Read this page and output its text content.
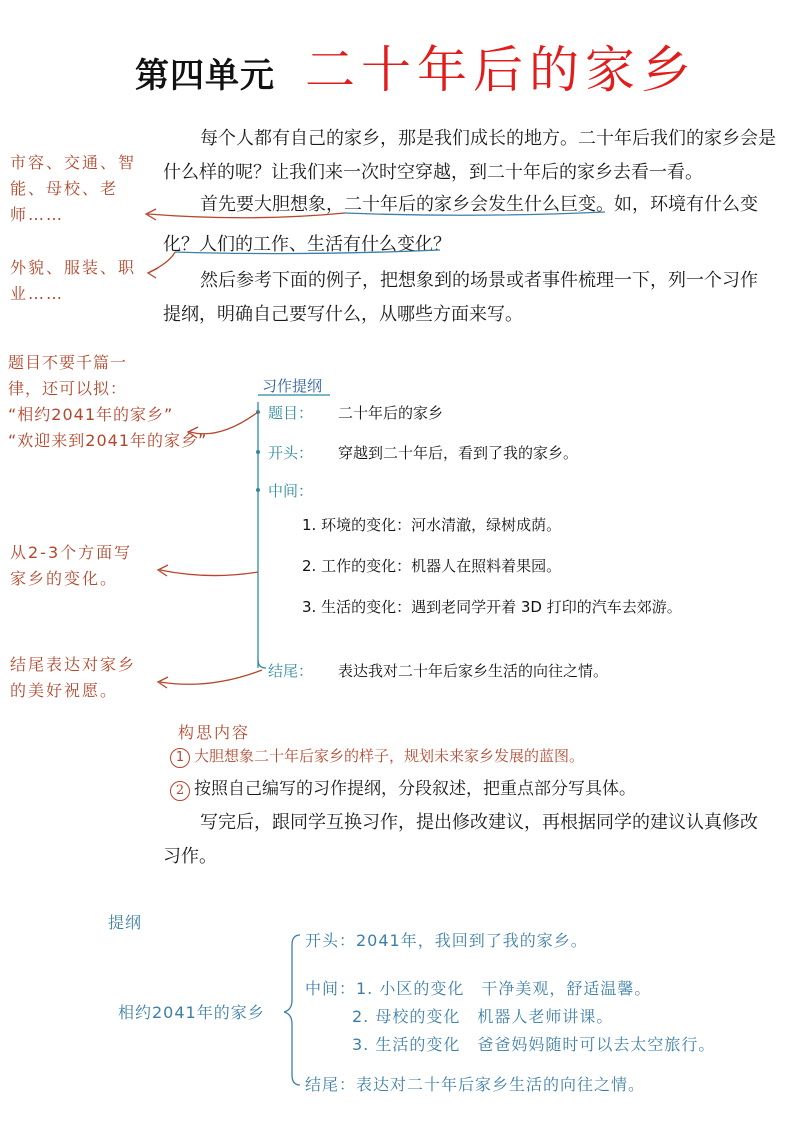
第四单元 二十年后的家乡
每个人都有自己的家乡，那是我们成长的地方。二十年后我们的家乡会是
什么样的呢？让我们来一次时空穿越，到二十年后的家乡去看一看。
首先要大胆想象，二十年后的家乡会发生什么巨变。如，环境有什么变
化？人们的工作、生活有什么变化？
然后参考下面的例子，把想象到的场景或者事件梳理一下，列一个习作
提纲，明确自己要写什么，从哪些方面来写。
市容、交通、智
能、母校、老
师……
外貌、服装、职
业……
题目不要千篇一
律，还可以拟：
“相约2041年的家乡”
“欢迎来到2041年的家乡”
从2-3个方面写
家乡的变化。
结尾表达对家乡
的美好祝愿。
习作提纲
题目： 二十年后的家乡
开头： 穿越到二十年后，看到了我的家乡。
中间：
1. 环境的变化：河水清澈，绿树成荫。
2. 工作的变化：机器人在照料着果园。
3. 生活的变化：遇到老同学开着 3D 打印的汽车去郊游。
结尾： 表达我对二十年后家乡生活的向往之情。
构思内容
1 大胆想象二十年后家乡的样子，规划未来家乡发展的蓝图。
2 按照自己编写的习作提纲，分段叙述，把重点部分写具体。
写完后，跟同学互换习作，提出修改建议，再根据同学的建议认真修改
习作。
提纲
相约2041年的家乡
开头：2041年，我回到了我的家乡。
中间：1. 小区的变化　干净美观，舒适温馨。
2. 母校的变化　机器人老师讲课。
3. 生活的变化　爸爸妈妈随时可以去太空旅行。
结尾：表达对二十年后家乡生活的向往之情。
